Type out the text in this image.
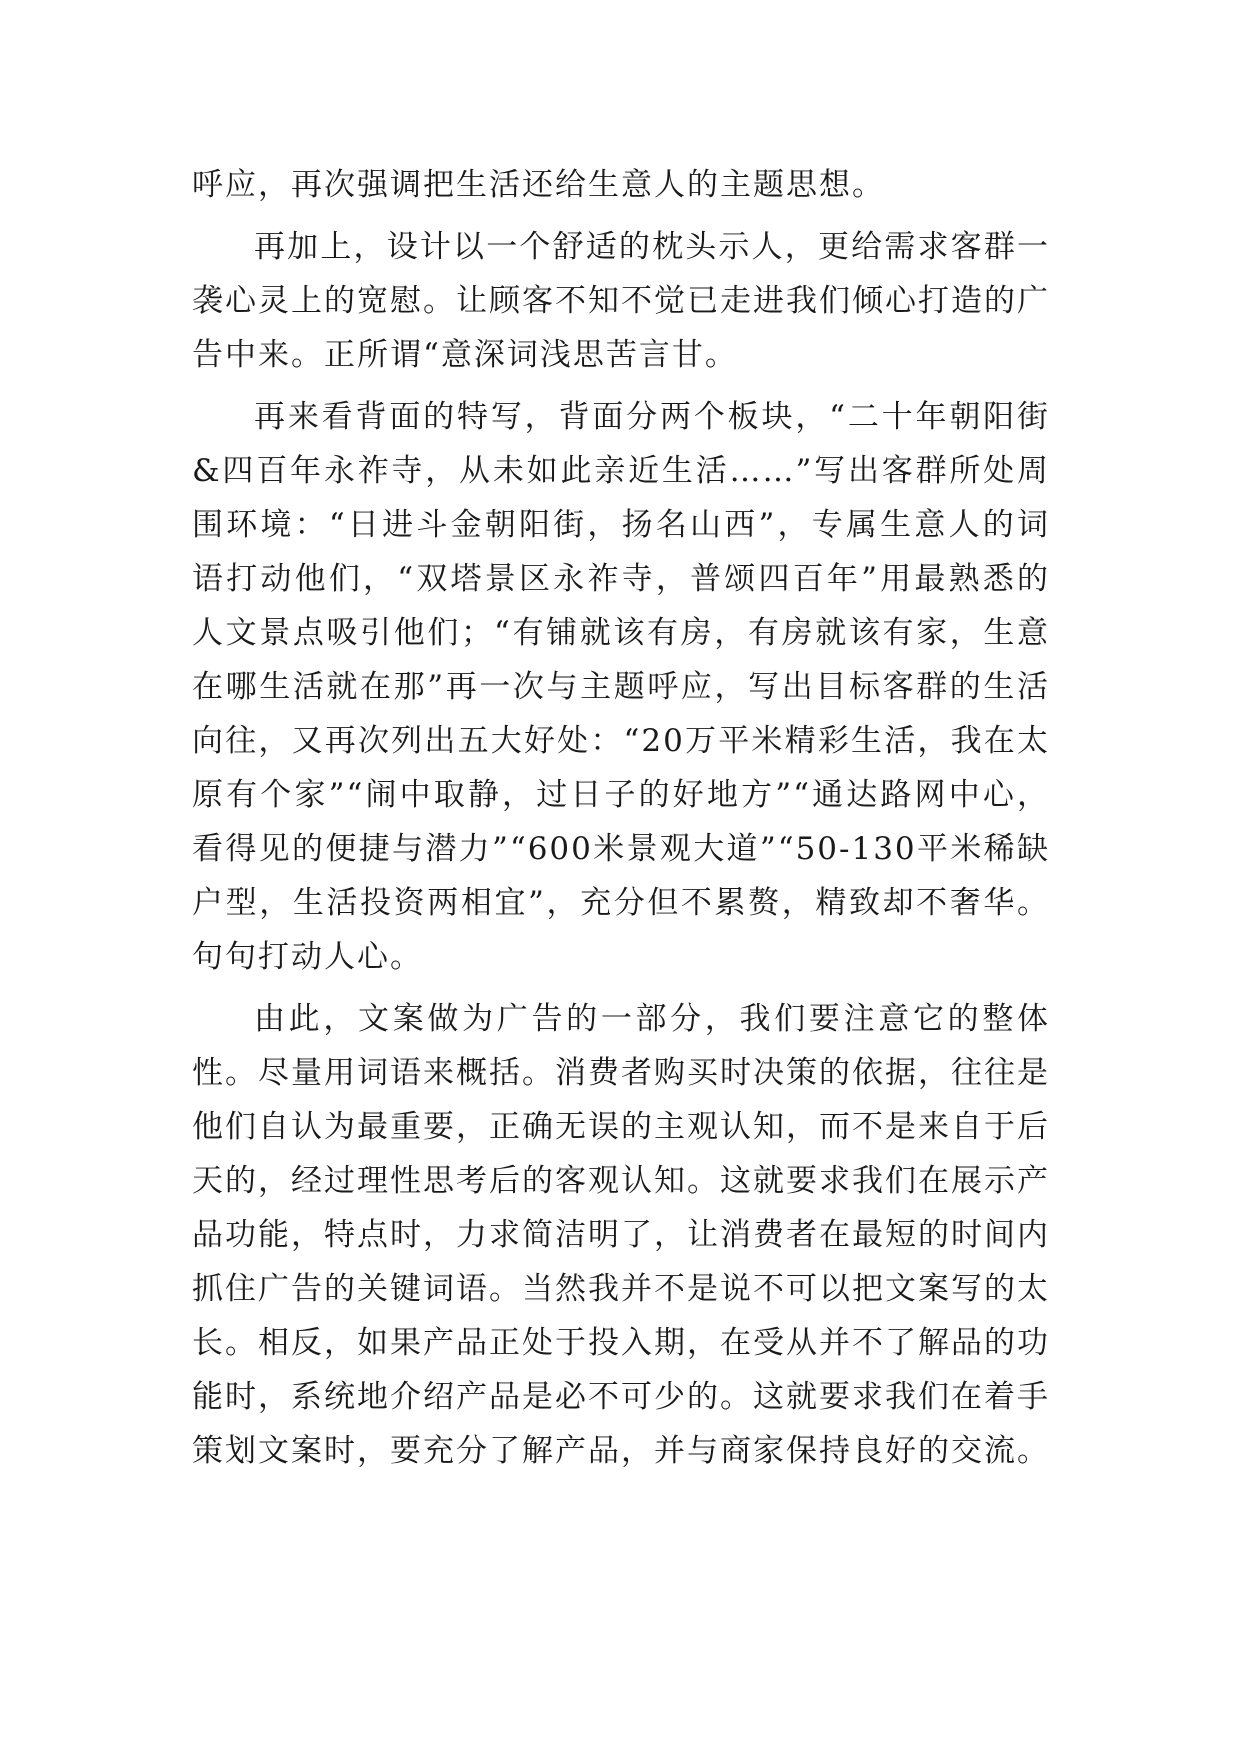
呼应，再次强调把生活还给生意人的主题思想。

再加上，设计以一个舒适的枕头示人，更给需求客群一袭心灵上的宽慰。让顾客不知不觉已走进我们倾心打造的广告中来。正所谓“意深词浅思苦言甘。

再来看背面的特写，背面分两个板块，“二十年朝阳街&四百年永祚寺，从未如此亲近生活……”写出客群所处周围环境：“日进斗金朝阳街，扬名山西”，专属生意人的词语打动他们，“双塔景区永祚寺，普颂四百年”用最熟悉的人文景点吸引他们；“有铺就该有房，有房就该有家，生意在哪生活就在那”再一次与主题呼应，写出目标客群的生活向往，又再次列出五大好处：“20万平米精彩生活，我在太原有个家”“闹中取静，过日子的好地方”“通达路网中心，看得见的便捷与潜力”“600米景观大道”“50-130平米稀缺户型，生活投资两相宜”，充分但不累赘，精致却不奢华。句句打动人心。

由此，文案做为广告的一部分，我们要注意它的整体性。尽量用词语来概括。消费者购买时决策的依据，往往是他们自认为最重要，正确无误的主观认知，而不是来自于后天的，经过理性思考后的客观认知。这就要求我们在展示产品功能，特点时，力求简洁明了，让消费者在最短的时间内抓住广告的关键词语。当然我并不是说不可以把文案写的太长。相反，如果产品正处于投入期，在受从并不了解品的功能时，系统地介绍产品是必不可少的。这就要求我们在着手策划文案时，要充分了解产品，并与商家保持良好的交流。
